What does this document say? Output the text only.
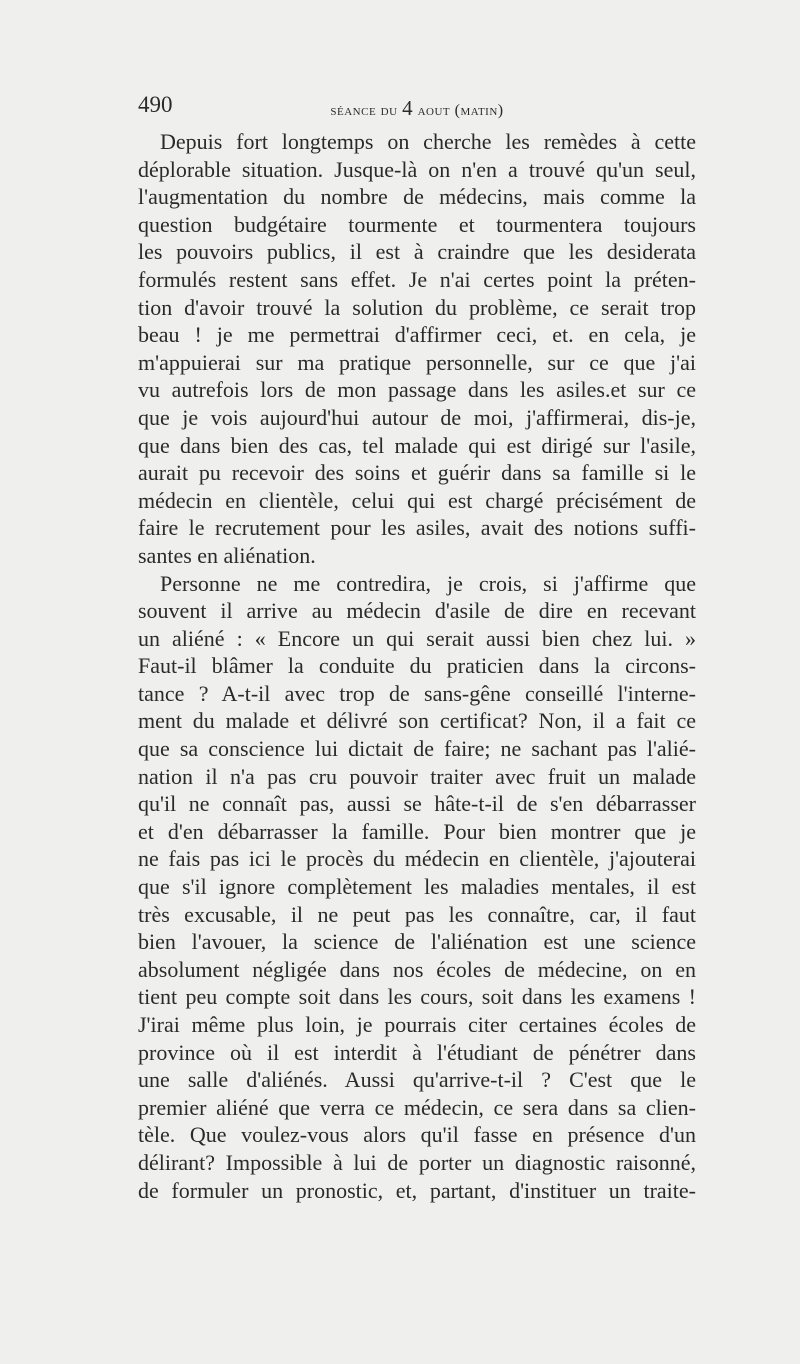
490	séance du 4 aout (matin)
Depuis fort longtemps on cherche les remèdes à cette
déplorable situation. Jusque-là on n'en a trouvé qu'un seul,
l'augmentation du nombre de médecins, mais comme la
question budgétaire tourmente et tourmentera toujours
les pouvoirs publics, il est à craindre que les desiderata
formulés restent sans effet. Je n'ai certes point la préten-
tion d'avoir trouvé la solution du problème, ce serait trop
beau ! je me permettrai d'affirmer ceci, et. en cela, je
m'appuierai sur ma pratique personnelle, sur ce que j'ai
vu autrefois lors de mon passage dans les asiles.et sur ce
que je vois aujourd'hui autour de moi, j'affirmerai, dis-je,
que dans bien des cas, tel malade qui est dirigé sur l'asile,
aurait pu recevoir des soins et guérir dans sa famille si le
médecin en clientèle, celui qui est chargé précisément de
faire le recrutement pour les asiles, avait des notions suffi-
santes en aliénation.
Personne ne me contredira, je crois, si j'affirme que
souvent il arrive au médecin d'asile de dire en recevant
un aliéné : « Encore un qui serait aussi bien chez lui. »
Faut-il blâmer la conduite du praticien dans la circons-
tance ? A-t-il avec trop de sans-gêne conseillé l'interne-
ment du malade et délivré son certificat? Non, il a fait ce
que sa conscience lui dictait de faire; ne sachant pas l'alié-
nation il n'a pas cru pouvoir traiter avec fruit un malade
qu'il ne connaît pas, aussi se hâte-t-il de s'en débarrasser
et d'en débarrasser la famille. Pour bien montrer que je
ne fais pas ici le procès du médecin en clientèle, j'ajouterai
que s'il ignore complètement les maladies mentales, il est
très excusable, il ne peut pas les connaître, car, il faut
bien l'avouer, la science de l'aliénation est une science
absolument négligée dans nos écoles de médecine, on en
tient peu compte soit dans les cours, soit dans les examens !
J'irai même plus loin, je pourrais citer certaines écoles de
province où il est interdit à l'étudiant de pénétrer dans
une salle d'aliénés. Aussi qu'arrive-t-il ? C'est que le
premier aliéné que verra ce médecin, ce sera dans sa clien-
tèle. Que voulez-vous alors qu'il fasse en présence d'un
délirant? Impossible à lui de porter un diagnostic raisonné,
de formuler un pronostic, et, partant, d'instituer un traite-
